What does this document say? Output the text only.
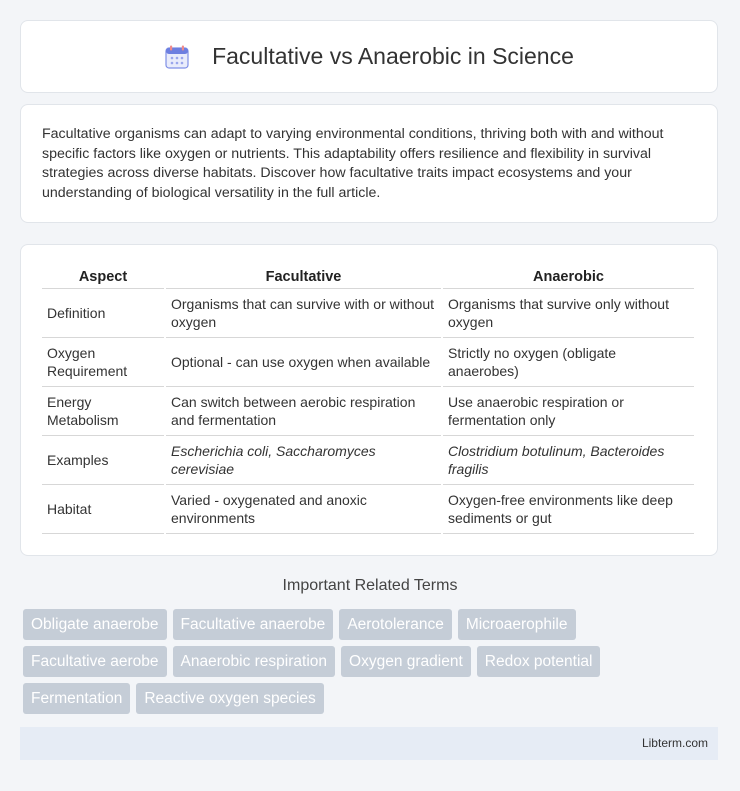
Facultative vs Anaerobic in Science

Facultative organisms can adapt to varying environmental conditions, thriving both with and without specific factors like oxygen or nutrients. This adaptability offers resilience and flexibility in survival strategies across diverse habitats. Discover how facultative traits impact ecosystems and your understanding of biological versatility in the full article.

Aspect	Facultative	Anaerobic
Definition	Organisms that can survive with or without oxygen	Organisms that survive only without oxygen
Oxygen Requirement	Optional - can use oxygen when available	Strictly no oxygen (obligate anaerobes)
Energy Metabolism	Can switch between aerobic respiration and fermentation	Use anaerobic respiration or fermentation only
Examples	Escherichia coli, Saccharomyces cerevisiae	Clostridium botulinum, Bacteroides fragilis
Habitat	Varied - oxygenated and anoxic environments	Oxygen-free environments like deep sediments or gut
Important Related Terms
Obligate anaerobe	Facultative anaerobe	Aerotolerance	Microaerophile
Facultative aerobe	Anaerobic respiration	Oxygen gradient	Redox potential
Fermentation	Reactive oxygen species
Libterm.com
